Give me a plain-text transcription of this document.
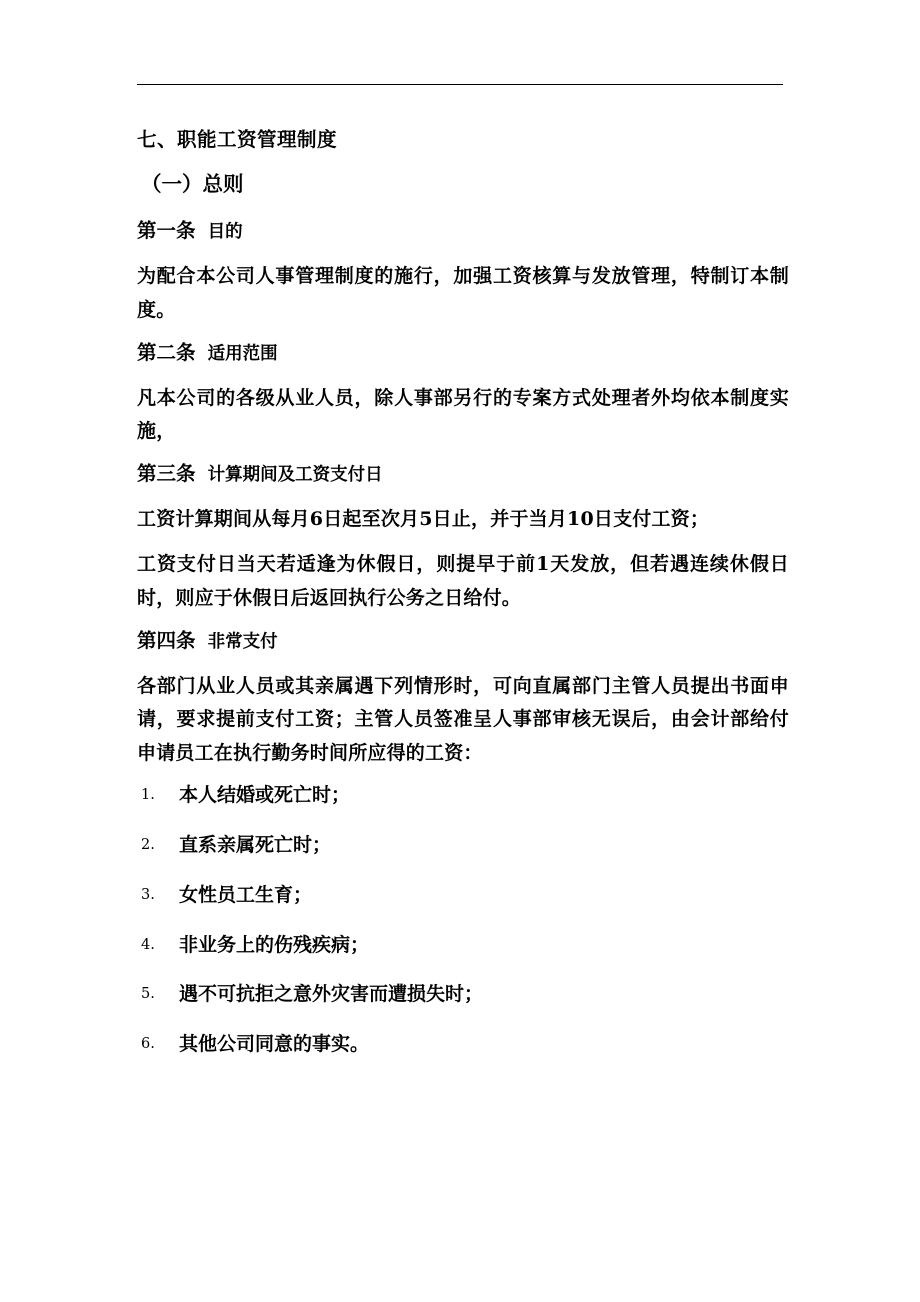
七、职能工资管理制度
（一）总则
第一条 目的

为配合本公司人事管理制度的施行，加强工资核算与发放管理，特制订本制度。

第二条 适用范围

凡本公司的各级从业人员，除人事部另行的专案方式处理者外均依本制度实施，

第三条 计算期间及工资支付日

工资计算期间从每月6日起至次月5日止，并于当月10日支付工资；

工资支付日当天若适逢为休假日，则提早于前1天发放，但若遇连续休假日时，则应于休假日后返回执行公务之日给付。

第四条 非常支付

各部门从业人员或其亲属遇下列情形时，可向直属部门主管人员提出书面申请，要求提前支付工资；主管人员签准呈人事部审核无误后，由会计部给付申请员工在执行勤务时间所应得的工资：

1. 本人结婚或死亡时；
2. 直系亲属死亡时；
3. 女性员工生育；
4. 非业务上的伤残疾病；
5. 遇不可抗拒之意外灾害而遭损失时；
6. 其他公司同意的事实。
